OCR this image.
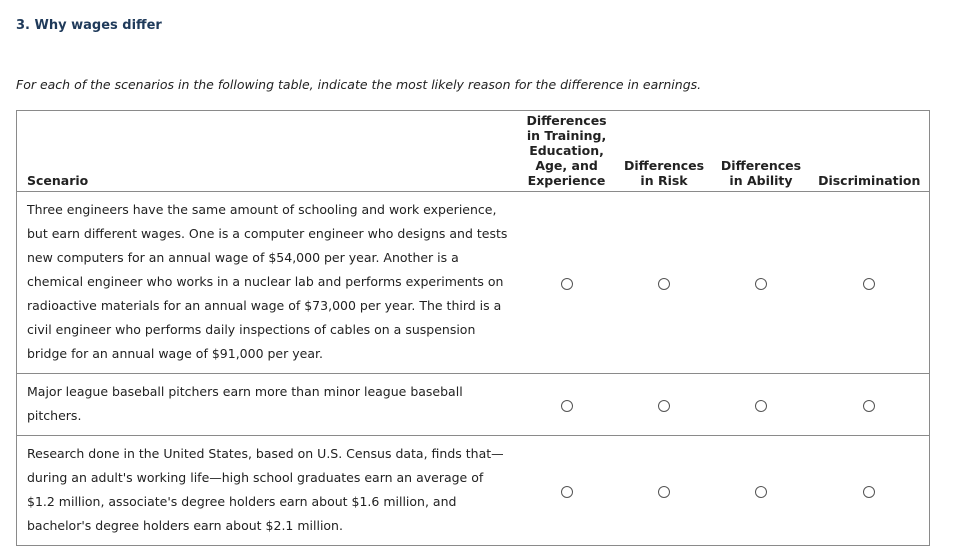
3. Why wages differ
For each of the scenarios in the following table, indicate the most likely reason for the difference in earnings.
Scenario	Differences
in Training,
Education,
Age, and
Experience	Differences
in Risk	Differences
in Ability	Discrimination
Three engineers have the same amount of schooling and work experience, but earn different wages. One is a computer engineer who designs and tests new computers for an annual wage of $54,000 per year. Another is a chemical engineer who works in a nuclear lab and performs experiments on radioactive materials for an annual wage of $73,000 per year. The third is a civil engineer who performs daily inspections of cables on a suspension bridge for an annual wage of $91,000 per year.				
Major league baseball pitchers earn more than minor league baseball pitchers.				
Research done in the United States, based on U.S. Census data, finds that—during an adult's working life—high school graduates earn an average of $1.2 million, associate's degree holders earn about $1.6 million, and bachelor's degree holders earn about $2.1 million.				
